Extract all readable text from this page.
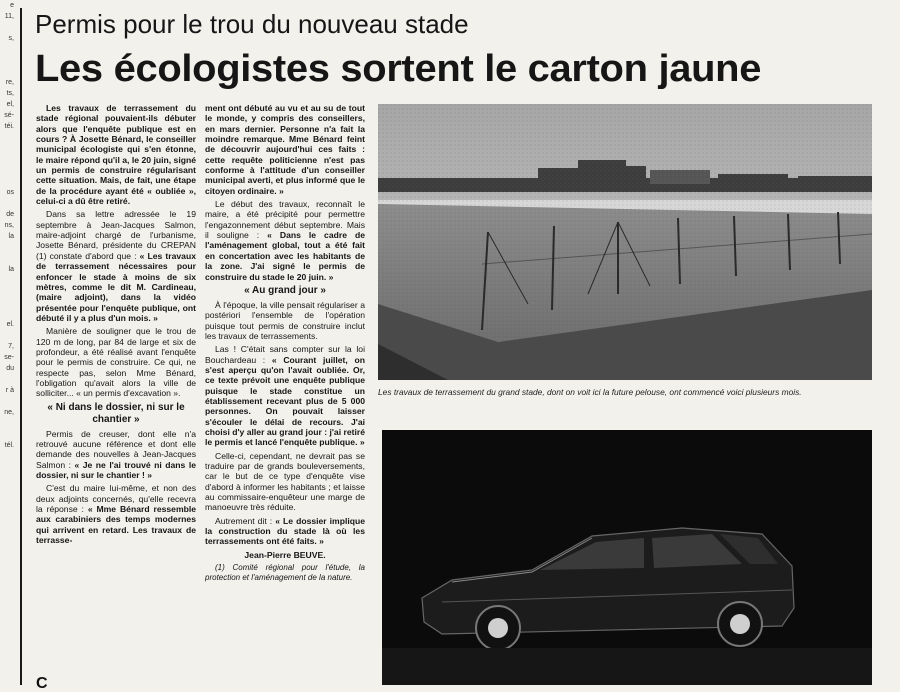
e
11,
s,
re,
ts,
el,
sé-
téi.
os
de
ns,
la
la
el.
7,
se-
du
r à
ne,
tél.
Permis pour le trou du nouveau stade
Les écologistes sortent le carton jaune

Les travaux de terrassement du stade régional pouvaient-ils débuter alors que l'enquête publique est en cours ? À Josette Bénard, le conseiller municipal écologiste qui s'en étonne, le maire répond qu'il a, le 20 juin, signé un permis de construire régularisant cette situation. Mais, de fait, une étape de la procédure ayant été « oubliée », celui-ci a dû être retiré.

Dans sa lettre adressée le 19 septembre à Jean-Jacques Salmon, maire-adjoint chargé de l'urbanisme, Josette Bénard, présidente du CREPAN (1) constate d'abord que : « Les travaux de terrassement nécessaires pour enfoncer le stade à moins de six mètres, comme le dit M. Cardineau, (maire adjoint), dans la vidéo présentée pour l'enquête publique, ont débuté il y a plus d'un mois. »

Manière de souligner que le trou de 120 m de long, par 84 de large et six de profondeur, a été réalisé avant l'enquête pour le permis de construire. Ce qui, ne respecte pas, selon Mme Bénard, l'obligation qu'avait alors la ville de solliciter... « un permis d'excavation ».

« Ni dans le dossier, ni sur le chantier »

Permis de creuser, dont elle n'a retrouvé aucune référence et dont elle demande des nouvelles à Jean-Jacques Salmon : « Je ne l'ai trouvé ni dans le dossier, ni sur le chantier ! »

C'est du maire lui-même, et non des deux adjoints concernés, qu'elle recevra la réponse : « Mme Bénard ressemble aux carabiniers des temps modernes qui arrivent en retard. Les travaux de terrasse-

ment ont débuté au vu et au su de tout le monde, y compris des conseillers, en mars dernier. Personne n'a fait la moindre remarque. Mme Bénard feint de découvrir aujourd'hui ces faits : cette requête politicienne n'est pas conforme à l'attitude d'un conseiller municipal averti, et plus informé que le citoyen ordinaire. »

Le début des travaux, reconnaît le maire, a été précipité pour permettre l'engazonnement début septembre. Mais il souligne : « Dans le cadre de l'aménagement global, tout a été fait en concertation avec les habitants de la zone. J'ai signé le permis de construire du stade le 20 juin. »

« Au grand jour »

À l'époque, la ville pensait régulariser a postériori l'ensemble de l'opération puisque tout permis de construire inclut les travaux de terrassements.

Las ! C'était sans compter sur la loi Bouchardeau : « Courant juillet, on s'est aperçu qu'on l'avait oubliée. Or, ce texte prévoit une enquête publique puisque le stade constitue un établissement recevant plus de 5 000 personnes. On pouvait laisser s'écouler le délai de recours. J'ai choisi d'y aller au grand jour : j'ai retiré le permis et lancé l'enquête publique. »

Celle-ci, cependant, ne devrait pas se traduire par de grands bouleversements, car le but de ce type d'enquête vise d'abord à informer les habitants ; et laisse au commissaire-enquêteur une marge de manoeuvre très réduite.

Autrement dit : « Le dossier implique la construction du stade là où les terrassements ont été faits. »

Jean-Pierre BEUVE.

(1) Comité régional pour l'étude, la protection et l'aménagement de la nature.

Les travaux de terrassement du grand stade, dont on voit ici la future pelouse, ont commencé voici plusieurs mois.
C
